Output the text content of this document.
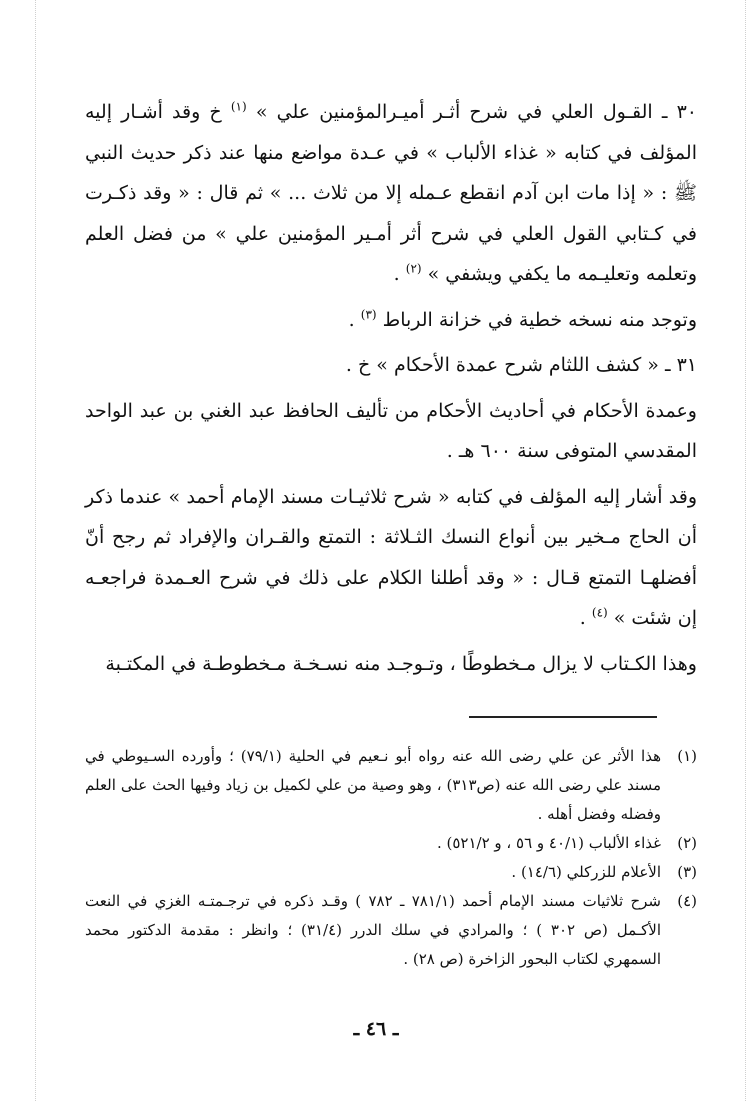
٣٠ ـ القـول العلي في شرح أثـر أميـرالمؤمنين علي » $^{(١)}$ خ وقد أشـار إليه المؤلف في كتابه « غذاء الألباب » في عـدة مواضع منها عند ذكر حديث النبي ﷺ : « إذا مات ابن آدم انقطع عـمله إلا من ثلاث ... » ثم قال : « وقد ذكـرت في كـتابي القول العلي في شرح أثر أمـير المؤمنين علي » من فضل العلم وتعلمه وتعليـمه ما يكفي ويشفي » $^{(٢)}$ .

وتوجد منه نسخه خطية في خزانة الرباط $^{(٣)}$ .

٣١ ـ « كشف اللثام شرح عمدة الأحكام » خ .

وعمدة الأحكام في أحاديث الأحكام من تأليف الحافظ عبد الغني بن عبد الواحد المقدسي المتوفى سنة ٦٠٠ هـ .

وقد أشار إليه المؤلف في كتابه « شرح ثلاثيـات مسند الإمام أحمد » عندما ذكر أن الحاج مـخير بين أنواع النسك الثـلاثة : التمتع والقـران والإفراد ثم رجح أنّ أفضلهـا التمتع قـال : « وقد أطلنا الكلام على ذلك في شرح العـمدة فراجعـه إن شئت » $^{(٤)}$ .

وهذا الكـتاب لا يزال مـخطوطًا ، وتـوجـد منه نسـخـة مـخطوطـة في المكتـبة

(١)
هذا الأثر عن علي رضى الله عنه رواه أبو نـعيم في الحلية (٧٩/١) ؛ وأورده السـيوطي في مسند علي رضى الله عنه (ص٣١٣) ، وهو وصية من علي لكميل بن زياد وفيها الحث على العلم وفضله وفضل أهله .

(٢)
غذاء الألباب (٤٠/١ و ٥٦ ، و ٥٢١/٢) .

(٣)
الأعلام للزركلي (١٤/٦) .

(٤)
شرح ثلاثيات مسند الإمام أحمد (٧٨١/١ ـ ٧٨٢ ) وقـد ذكره في ترجـمتـه الغزي في النعت الأكـمل (ص ٣٠٢ ) ؛ والمرادي في سلك الدرر (٣١/٤) ؛ وانظر : مقدمة الدكتور محمد السمهري لكتاب البحور الزاخرة (ص ٢٨) .

ـ ٤٦ ـ
